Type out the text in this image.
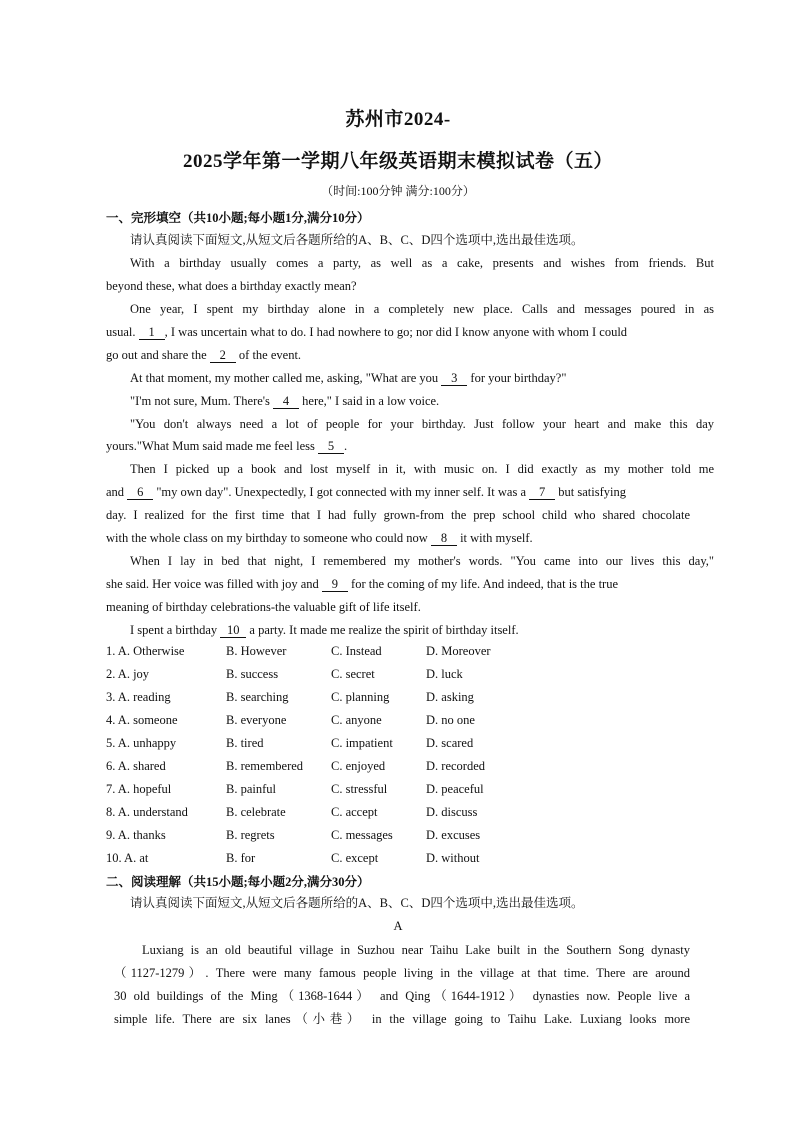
苏州市2024-
2025学年第一学期八年级英语期末模拟试卷（五）
（时间:100分钟 满分:100分）
一、完形填空（共10小题;每小题1分,满分10分）
请认真阅读下面短文,从短文后各题所给的A、B、C、D四个选项中,选出最佳选项。
With a birthday usually comes a party, as well as a cake, presents and wishes from friends. But
beyond these, what does a birthday exactly mean?
One year, I spent my birthday alone in a completely new place. Calls and messages poured in as
usual. 1 , I was uncertain what to do. I had nowhere to go; nor did I know anyone with whom I could
go out and share the 2 of the event.
At that moment, my mother called me, asking, "What are you 3 for your birthday?"
"I'm not sure, Mum. There's 4 here," I said in a low voice.
"You don't always need a lot of people for your birthday. Just follow your heart and make this day
yours."What Mum said made me feel less 5 .
Then I picked up a book and lost myself in it, with music on. I did exactly as my mother told me
and 6 "my own day". Unexpectedly, I got connected with my inner self. It was a 7 but satisfying
day. I realized for the first time that I had fully grown-from the prep school child who shared chocolate
with the whole class on my birthday to someone who could now 8 it with myself.
When I lay in bed that night, I remembered my mother's words. "You came into our lives this day,"
she said. Her voice was filled with joy and 9 for the coming of my life. And indeed, that is the true
meaning of birthday celebrations-the valuable gift of life itself.
I spent a birthday 10 a party. It made me realize the spirit of birthday itself.
1. A. Otherwise	B. However	C. Instead	D. Moreover
2. A. joy	B. success	C. secret	D. luck
3. A. reading	B. searching	C. planning	D. asking
4. A. someone	B. everyone	C. anyone	D. no one
5. A. unhappy	B. tired	C. impatient	D. scared
6. A. shared	B. remembered C. enjoyed	D. recorded
7. A. hopeful	B. painful	C. stressful	D. peaceful
8. A. understand	B. celebrate	C. accept	D. discuss
9. A. thanks	B. regrets	C. messages	D. excuses
10. A. at	B. for	C. except	D. without
二、阅读理解（共15小题;每小题2分,满分30分）
请认真阅读下面短文,从短文后各题所给的A、B、C、D四个选项中,选出最佳选项。
A
Luxiang is an old beautiful village in Suzhou near Taihu Lake built in the Southern Song dynasty
（1127-1279）. There were many famous people living in the village at that time. There are around
30 old buildings of the Ming（1368-1644） and Qing（1644-1912） dynasties now. People live a
simple life. There are six lanes（小巷） in the village going to Taihu Lake. Luxiang looks more
